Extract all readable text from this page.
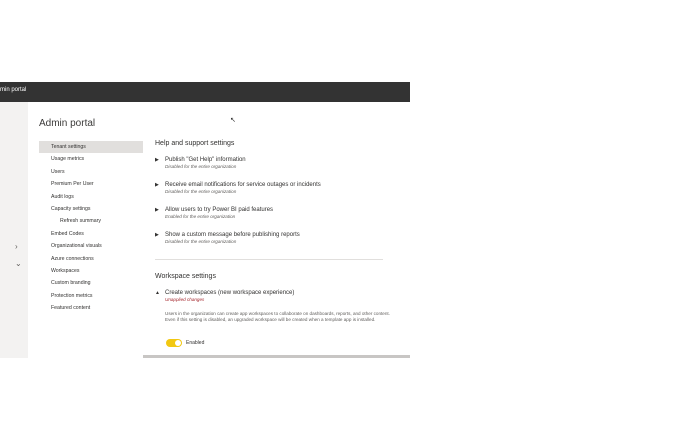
min portal
›
⌄
Admin portal	↖
Tenant settings
Usage metrics
Users
Premium Per User
Audit logs
Capacity settings
Refresh summary
Embed Codes
Organizational visuals
Azure connections
Workspaces
Custom branding
Protection metrics
Featured content
Help and support settings
▶	Publish "Get Help" information
Disabled for the entire organization
▶	Receive email notifications for service outages or incidents
Disabled for the entire organization
▶	Allow users to try Power BI paid features
Enabled for the entire organization
▶	Show a custom message before publishing reports
Disabled for the entire organization
Workspace settings
▲ Create workspaces (new workspace experience)
Unapplied changes
Users in the organization can create app workspaces to collaborate on dashboards, reports, and other content. Even if this setting is disabled, an upgraded workspace will be created when a template app is installed.
Enabled
